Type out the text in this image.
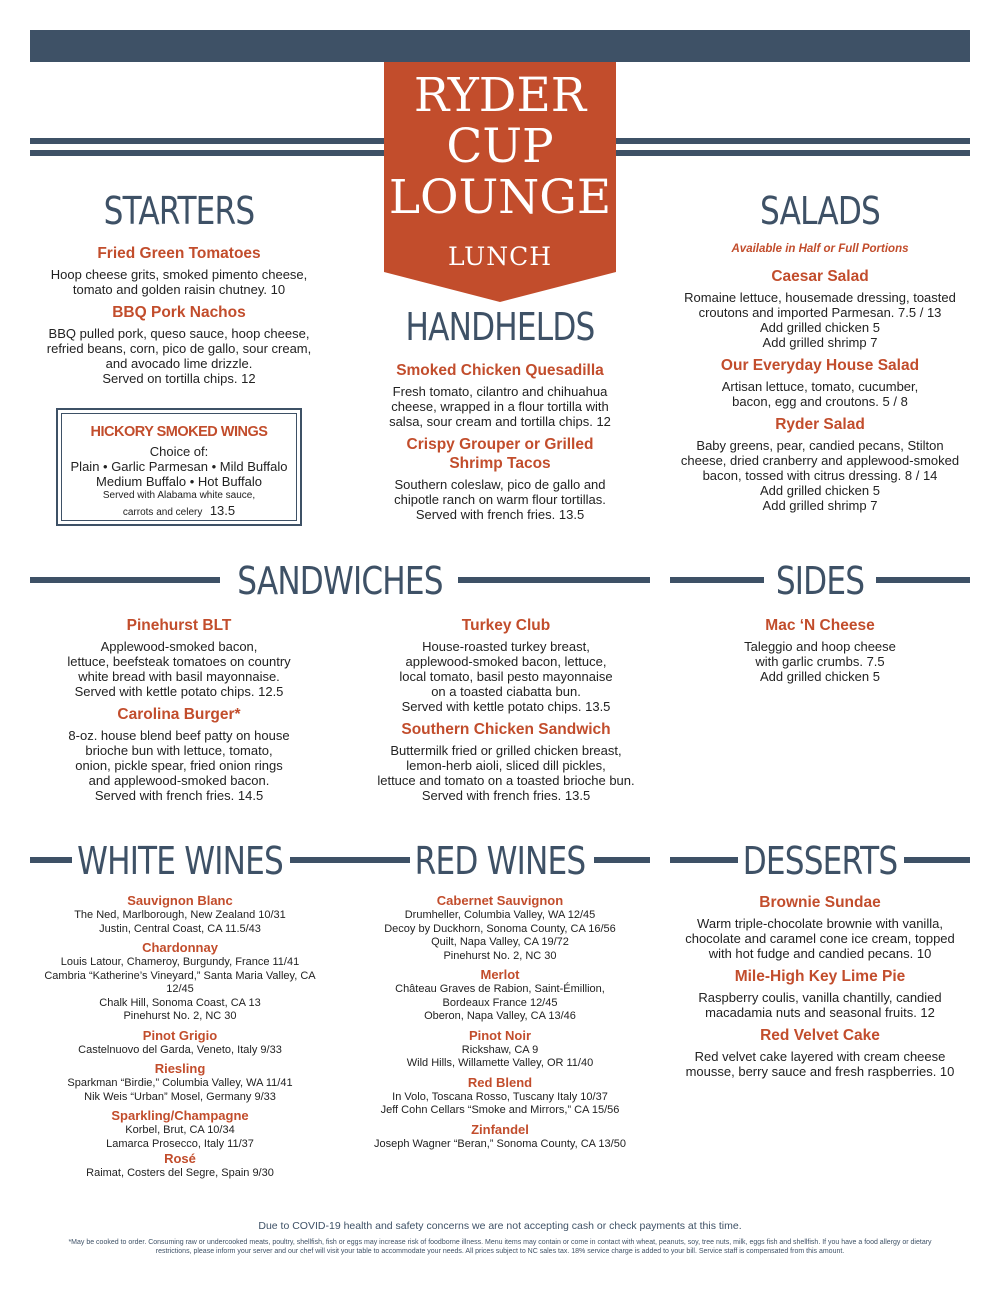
RYDER
CUP
LOUNGE
LUNCH
STARTERS
Fried Green Tomatoes
Hoop cheese grits, smoked pimento cheese,
tomato and golden raisin chutney. 10
BBQ Pork Nachos
BBQ pulled pork, queso sauce, hoop cheese,
refried beans, corn, pico de gallo, sour cream,
and avocado lime drizzle.
Served on tortilla chips. 12
HICKORY SMOKED WINGS
Choice of:
Plain • Garlic Parmesan • Mild Buffalo
Medium Buffalo • Hot Buffalo
Served with Alabama white sauce,
carrots and celery 13.5
HANDHELDS
Smoked Chicken Quesadilla
Fresh tomato, cilantro and chihuahua
cheese, wrapped in a flour tortilla with
salsa, sour cream and tortilla chips. 12
Crispy Grouper or Grilled
Shrimp Tacos
Southern coleslaw, pico de gallo and
chipotle ranch on warm flour tortillas.
Served with french fries. 13.5
SALADS
Available in Half or Full Portions
Caesar Salad
Romaine lettuce, housemade dressing, toasted
croutons and imported Parmesan. 7.5 / 13
Add grilled chicken 5
Add grilled shrimp 7
Our Everyday House Salad
Artisan lettuce, tomato, cucumber,
bacon, egg and croutons. 5 / 8
Ryder Salad
Baby greens, pear, candied pecans, Stilton
cheese, dried cranberry and applewood-smoked
bacon, tossed with citrus dressing. 8 / 14
Add grilled chicken 5
Add grilled shrimp 7
SANDWICHES	SIDES
Pinehurst BLT
Applewood-smoked bacon,
lettuce, beefsteak tomatoes on country
white bread with basil mayonnaise.
Served with kettle potato chips. 12.5
Carolina Burger*
8-oz. house blend beef patty on house
brioche bun with lettuce, tomato,
onion, pickle spear, fried onion rings
and applewood-smoked bacon.
Served with french fries. 14.5
Turkey Club
House-roasted turkey breast,
applewood-smoked bacon, lettuce,
local tomato, basil pesto mayonnaise
on a toasted ciabatta bun.
Served with kettle potato chips. 13.5
Southern Chicken Sandwich
Buttermilk fried or grilled chicken breast,
lemon-herb aioli, sliced dill pickles,
lettuce and tomato on a toasted brioche bun.
Served with french fries. 13.5
Mac ‘N Cheese
Taleggio and hoop cheese
with garlic crumbs. 7.5
Add grilled chicken 5
WHITE WINES	RED WINES	DESSERTS
Sauvignon Blanc
The Ned, Marlborough, New Zealand 10/31
Justin, Central Coast, CA 11.5/43
Chardonnay
Louis Latour, Chameroy, Burgundy, France 11/41
Cambria “Katherine’s Vineyard,” Santa Maria Valley, CA
12/45
Chalk Hill, Sonoma Coast, CA 13
Pinehurst No. 2, NC 30
Pinot Grigio
Castelnuovo del Garda, Veneto, Italy 9/33
Riesling
Sparkman “Birdie,” Columbia Valley, WA 11/41
Nik Weis “Urban” Mosel, Germany 9/33
Sparkling/Champagne
Korbel, Brut, CA 10/34
Lamarca Prosecco, Italy 11/37
Rosé
Raimat, Costers del Segre, Spain 9/30
Cabernet Sauvignon
Drumheller, Columbia Valley, WA 12/45
Decoy by Duckhorn, Sonoma County, CA 16/56
Quilt, Napa Valley, CA 19/72
Pinehurst No. 2, NC 30
Merlot
Château Graves de Rabion, Saint-Émillion,
Bordeaux France 12/45
Oberon, Napa Valley, CA 13/46
Pinot Noir
Rickshaw, CA 9
Wild Hills, Willamette Valley, OR 11/40
Red Blend
In Volo, Toscana Rosso, Tuscany Italy 10/37
Jeff Cohn Cellars “Smoke and Mirrors,” CA 15/56
Zinfandel
Joseph Wagner “Beran,” Sonoma County, CA 13/50
Brownie Sundae
Warm triple-chocolate brownie with vanilla,
chocolate and caramel cone ice cream, topped
with hot fudge and candied pecans. 10
Mile-High Key Lime Pie
Raspberry coulis, vanilla chantilly, candied
macadamia nuts and seasonal fruits. 12
Red Velvet Cake
Red velvet cake layered with cream cheese
mousse, berry sauce and fresh raspberries. 10
Due to COVID-19 health and safety concerns we are not accepting cash or check payments at this time.
*May be cooked to order. Consuming raw or undercooked meats, poultry, shellfish, fish or eggs may increase risk of foodborne illness. Menu items may contain or come in contact with wheat, peanuts, soy, tree nuts, milk, eggs fish and shellfish. If you have a food allergy or dietary restrictions, please inform your server and our chef will visit your table to accommodate your needs. All prices subject to NC sales tax. 18% service charge is added to your bill. Service staff is compensated from this amount.
